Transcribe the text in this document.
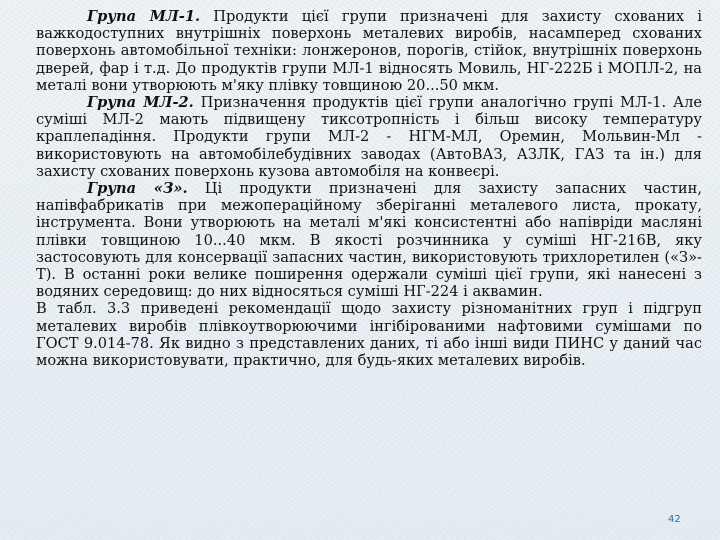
Група МЛ-1. Продукти цієї групи призначені для захисту схованих і важкодоступних внутрішніх поверхонь металевих виробів, насамперед схованих поверхонь автомобільної техніки: лонжеронов, порогів, стійок, внутрішніх поверхонь дверей, фар і т.д. До продуктів групи МЛ-1 відносять Мовиль, НГ-222Б і МОПЛ-2, на металі вони утворюють м'яку плівку товщиною 20...50 мкм.

Група МЛ-2. Призначення продуктів цієї групи аналогічно групі МЛ-1. Але суміші МЛ-2 мають підвищену тиксотропність і більш високу температуру краплепадіння. Продукти групи МЛ-2 - НГМ-МЛ, Оремин, Мольвин-Мл - використовують на автомобілебудівних заводах (АвтоВАЗ, АЗЛК, ГАЗ та ін.) для захисту схованих поверхонь кузова автомобіля на конвеєрі.

Група «З». Ці продукти призначені для захисту запасних частин, напівфабрикатів при межопераційному зберіганні металевого листа, прокату, інструмента. Вони утворюють на металі м'які консистентні або напівріди масляні плівки товщиною 10...40 мкм. В якості розчинника у суміші НГ-216В, яку застосовують для консервації запасних частин, використовують трихлоретилен («З»-Т). В останні роки велике поширення одержали суміші цієї групи, які нанесені з водяних середовищ: до них відносяться суміші НГ-224 і аквамин.

В табл. 3.3 приведені рекомендації щодо захисту різноманітних груп і підгруп металевих виробів плівкоутворюючими інгібірованими нафтовими сумішами по ГОСТ 9.014-78. Як видно з представлених даних, ті або інші види ПИНС у даний час можна використовувати, практично, для будь-яких металевих виробів.

42
